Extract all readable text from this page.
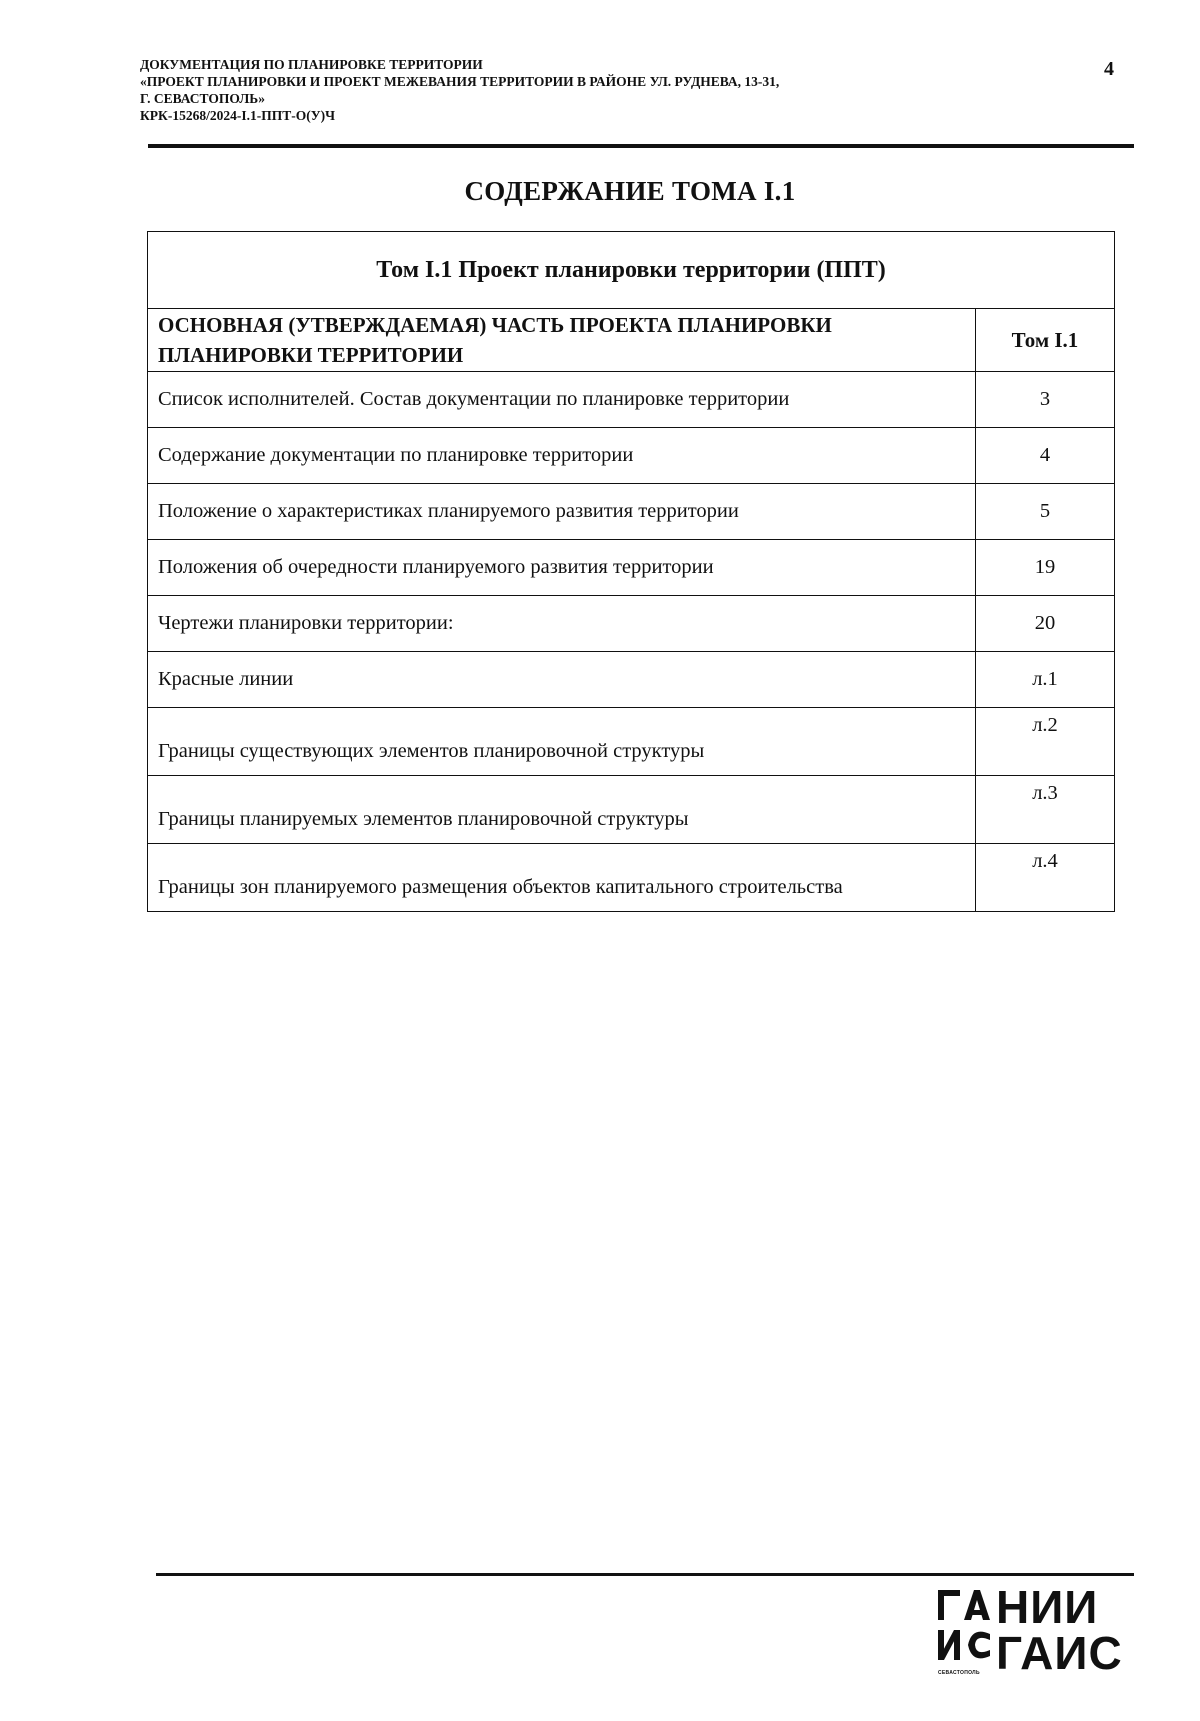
ДОКУМЕНТАЦИЯ ПО ПЛАНИРОВКЕ ТЕРРИТОРИИ
«ПРОЕКТ ПЛАНИРОВКИ И ПРОЕКТ МЕЖЕВАНИЯ ТЕРРИТОРИИ В РАЙОНЕ УЛ. РУДНЕВА, 13-31,
Г. СЕВАСТОПОЛЬ»
КРК-15268/2024-I.1-ППТ-О(У)Ч
4
СОДЕРЖАНИЕ ТОМА I.1
Том I.1 Проект планировки территории (ППТ)	

ОСНОВНАЯ (УТВЕРЖДАЕМАЯ) ЧАСТЬ ПРОЕКТА ПЛАНИРОВКИ
ПЛАНИРОВКИ ТЕРРИТОРИИ	Том I.1
Список исполнителей. Состав документации по планировке территории	3
Содержание документации по планировке территории	4
Положение о характеристиках планируемого развития территории	5
Положения об очередности планируемого развития территории	19
Чертежи планировки территории:	20
Красные линии	л.1
Границы существующих элементов планировочной структуры	л.2
Границы планируемых элементов планировочной структуры	л.3
Границы зон планируемого размещения объектов капитального строительства	л.4
СЕВАСТОПОЛЬ
НИИ
ГАИС
